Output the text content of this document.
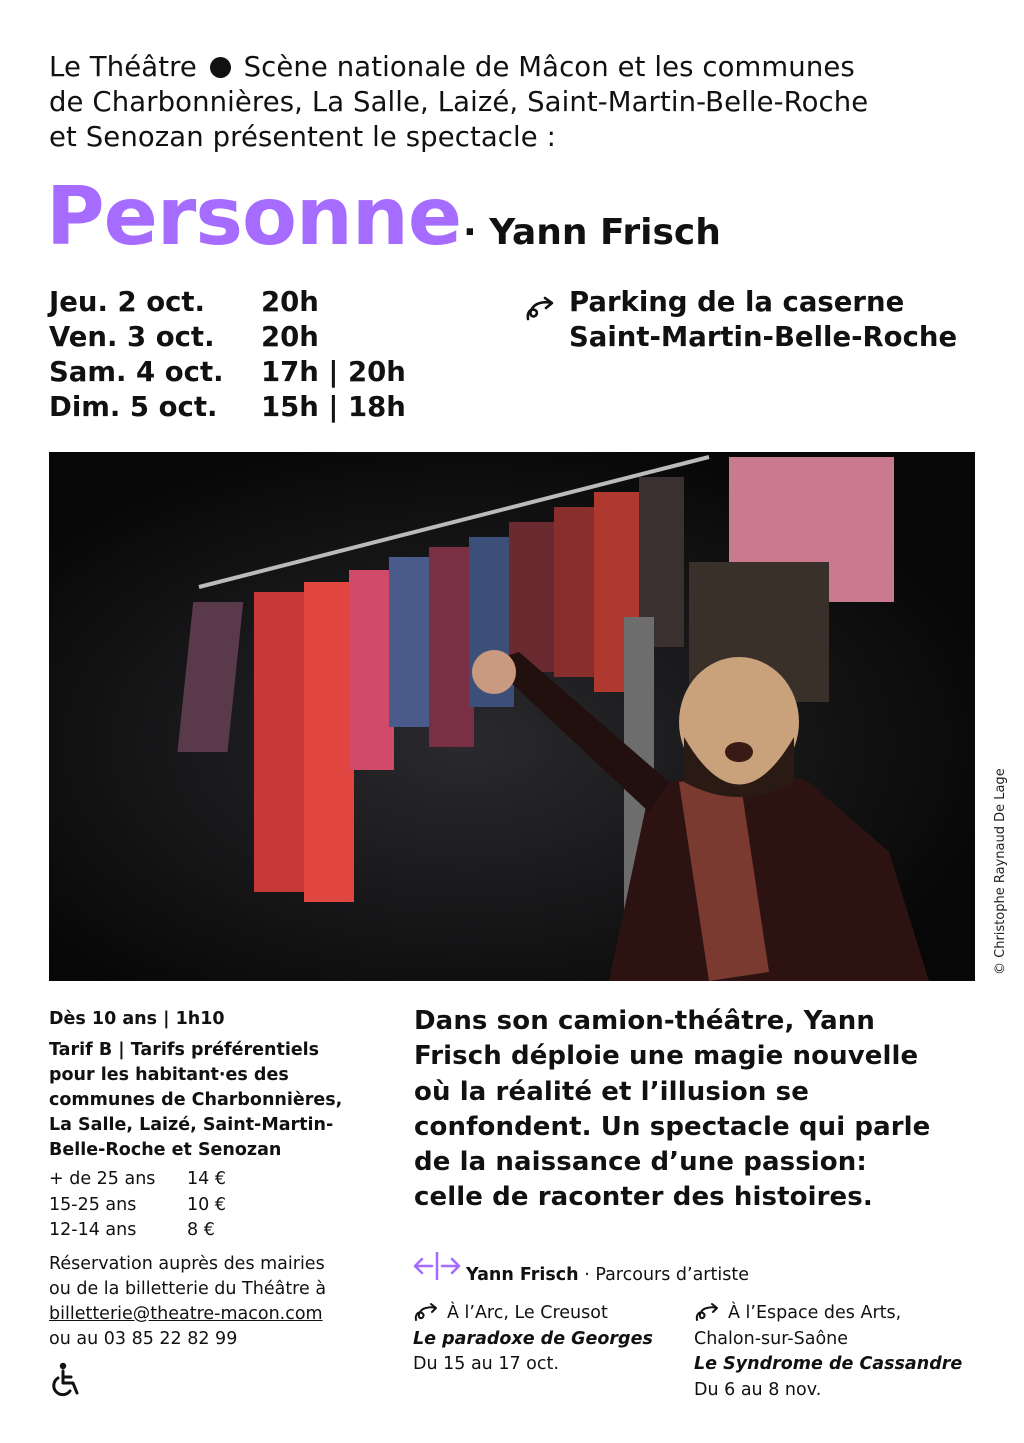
Le Théâtre Scène nationale de Mâcon et les communes
de Charbonnières, La Salle, Laizé, Saint-Martin-Belle-Roche
et Senozan présentent le spectacle :
Personne · Yann Frisch
Jeu. 2 oct. 20h
Ven. 3 oct. 20h
Sam. 4 oct. 17h | 20h
Dim. 5 oct. 15h | 18h
Parking de la caserne
Saint-Martin-Belle-Roche
© Christophe Raynaud De Lage
Dès 10 ans | 1h10
Tarif B | Tarifs préférentiels
pour les habitant·es des
communes de Charbonnières,
La Salle, Laizé, Saint-Martin-
Belle-Roche et Senozan
+ de 25 ans 14 €
15-25 ans	10 €
12-14 ans	8 €
Réservation auprès des mairies
ou de la billetterie du Théâtre à
billetterie@theatre-macon.com
ou au 03 85 22 82 99
Dans son camion-théâtre, Yann
Frisch déploie une magie nouvelle
où la réalité et l’illusion se
confondent. Un spectacle qui parle
de la naissance d’une passion:
celle de raconter des histoires.
Yann Frisch · Parcours d’artiste
À l’Arc, Le Creusot
Le paradoxe de Georges
Du 15 au 17 oct.
À l’Espace des Arts,
Chalon-sur-Saône
Le Syndrome de Cassandre
Du 6 au 8 nov.
